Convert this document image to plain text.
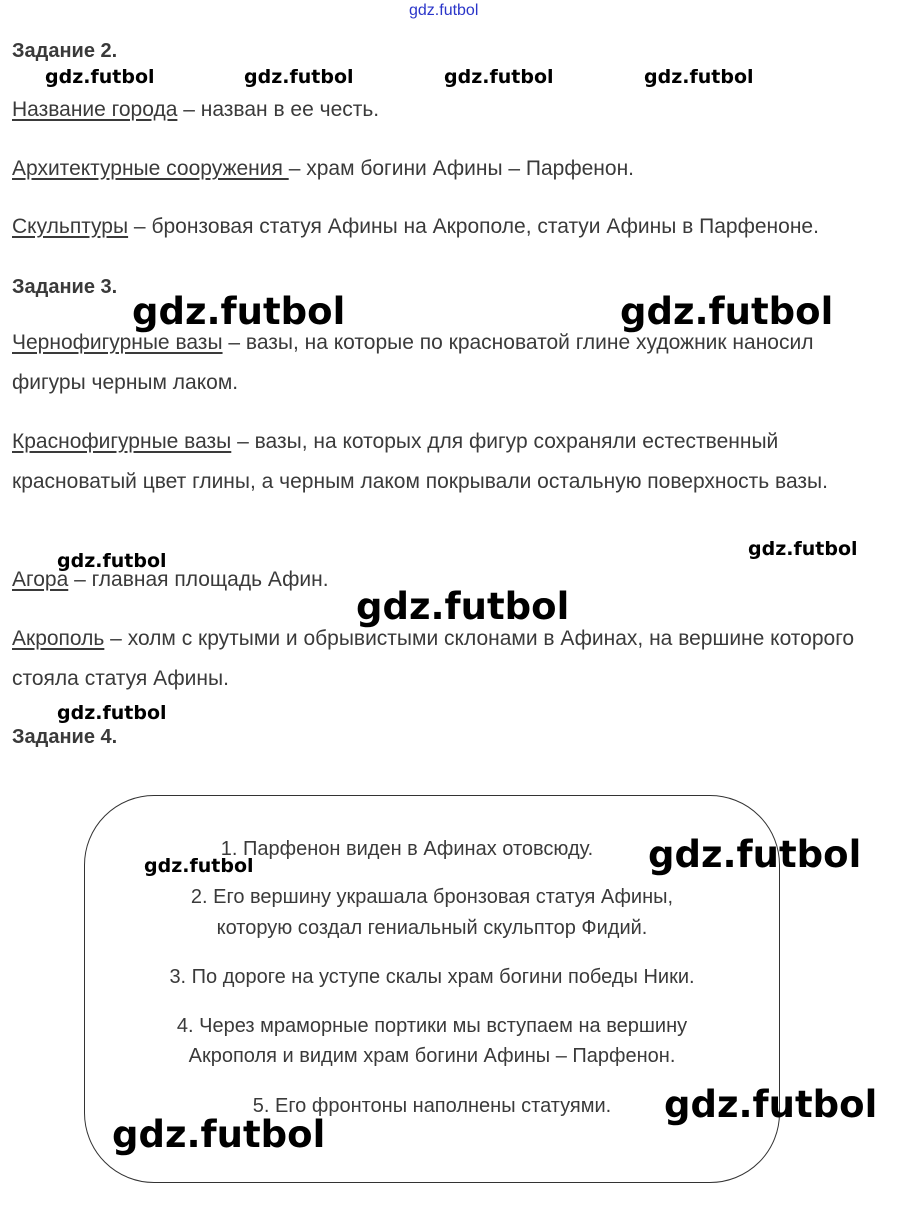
gdz.futbol
Задание 2.
gdz.futbol	gdz.futbol	gdz.futbol	gdz.futbol
Название города – назван в ее честь.
Архитектурные сооружения – храм богини Афины – Парфенон.
Скульптуры – бронзовая статуя Афины на Акрополе, статуи Афины в Парфеноне.
Задание 3.
gdz.futbol	gdz.futbol
Чернофигурные вазы – вазы, на которые по красноватой глине художник наносил фигуры черным лаком.
Краснофигурные вазы – вазы, на которых для фигур сохраняли естественный красноватый цвет глины, а черным лаком покрывали остальную поверхность вазы.
gdz.futbol
gdz.futbol
Агора – главная площадь Афин.
gdz.futbol
Акрополь – холм с крутыми и обрывистыми склонами в Афинах, на вершине которого стояла статуя Афины.
gdz.futbol
Задание 4.
1. Парфенон виден в Афинах отовсюду.
gdz.futbol	gdz.futbol
2. Его вершину украшала бронзовая статуя Афины,
которую создал гениальный скульптор Фидий.
3. По дороге на уступе скалы храм богини победы Ники.
4. Через мраморные портики мы вступаем на вершину
Акрополя и видим храм богини Афины – Парфенон.
5. Его фронтоны наполнены статуями.	gdz.futbol
gdz.futbol
